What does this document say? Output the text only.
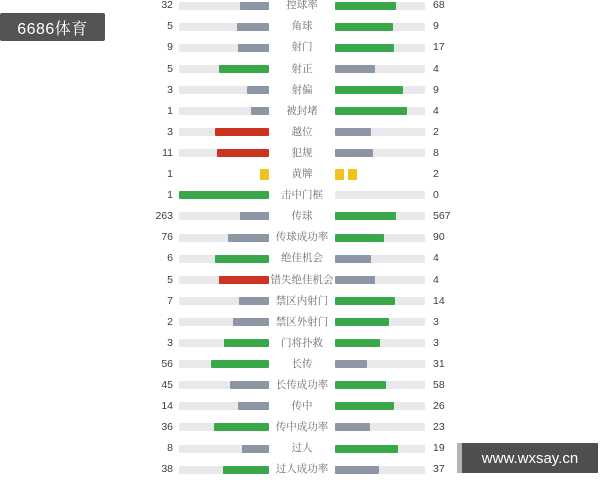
6686体育
32	控球率	68
5	角球	9
9	射门	17
5	射正	4
3	射偏	9
1	被封堵	4
3	越位	2
11	犯规	8
1	黄牌	2
1	击中门框	0
263	传球	567
76	传球成功率	90
6	绝佳机会	4
5	错失绝佳机会	4
7	禁区内射门	14
2	禁区外射门	3
3	门将扑救	3
56	长传	31
45	长传成功率	58
14	传中	26
36	传中成功率	23
8	过人	19
38	过人成功率	37
www.wxsay.cn
